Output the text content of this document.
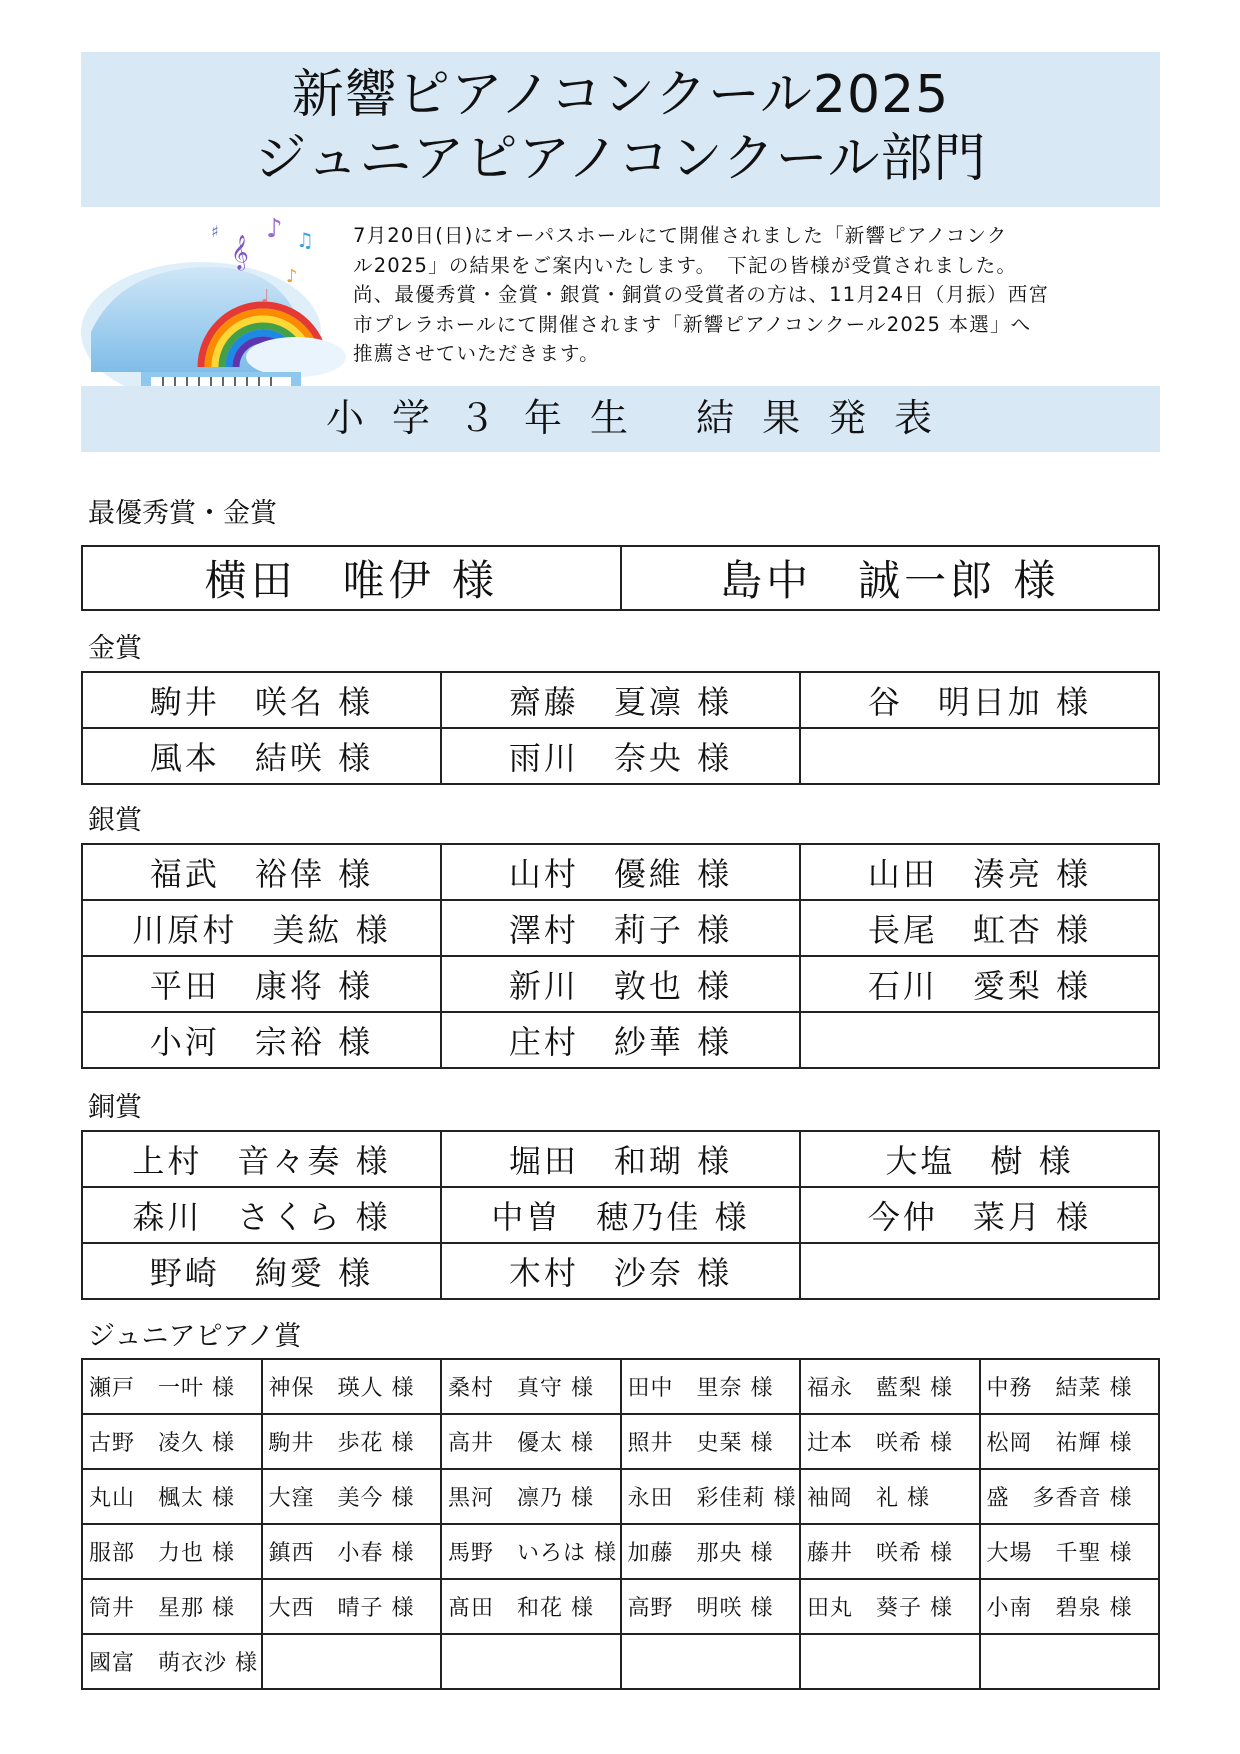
新響ピアノコンクール2025
ジュニアピアノコンクール部門
♪ ♫
𝄞
♪
♩
♯	7月20日(日)にオーパスホールにて開催されました「新響ピアノコンク
ル2025」の結果をご案内いたします。　下記の皆様が受賞されました。
尚、最優秀賞・金賞・銀賞・銅賞の受賞者の方は、11月24日（月振）西宮
市プレラホールにて開催されます「新響ピアノコンクール2025 本選」へ
推薦させていただきます。
小学３年生 結果発表
最優秀賞・金賞
横田　唯伊 様	島中　誠一郎 様
金賞
駒井　咲名 様	齋藤　夏凛 様	谷　明日加 様
風本　結咲 様	雨川　奈央 様	
銀賞
福武　裕倖 様	山村　優維 様	山田　湊亮 様
川原村　美紘 様	澤村　莉子 様	長尾　虹杏 様
平田　康将 様	新川　敦也 様	石川　愛梨 様
小河　宗裕 様	庄村　紗華 様	
銅賞
上村　音々奏 様	堀田　和瑚 様	大塩　樹 様
森川　さくら 様	中曽　穂乃佳 様	今仲　菜月 様
野崎　絢愛 様	木村　沙奈 様	
ジュニアピアノ賞
瀬戸　一叶 様	神保　瑛人 様	桑村　真守 様	田中　里奈 様	福永　藍梨 様	中務　結菜 様
古野　凌久 様	駒井　歩花 様	高井　優太 様	照井　史琹 様	辻本　咲希 様	松岡　祐輝 様
丸山　楓太 様	大窪　美今 様	黒河　凛乃 様	永田　彩佳莉 様	袖岡　礼 様	盛　多香音 様
服部　力也 様	鎮西　小春 様	馬野　いろは 様	加藤　那央 様	藤井　咲希 様	大場　千聖 様
筒井　星那 様	大西　晴子 様	髙田　和花 様	高野　明咲 様	田丸　葵子 様	小南　碧泉 様
國富　萌衣沙 様					
